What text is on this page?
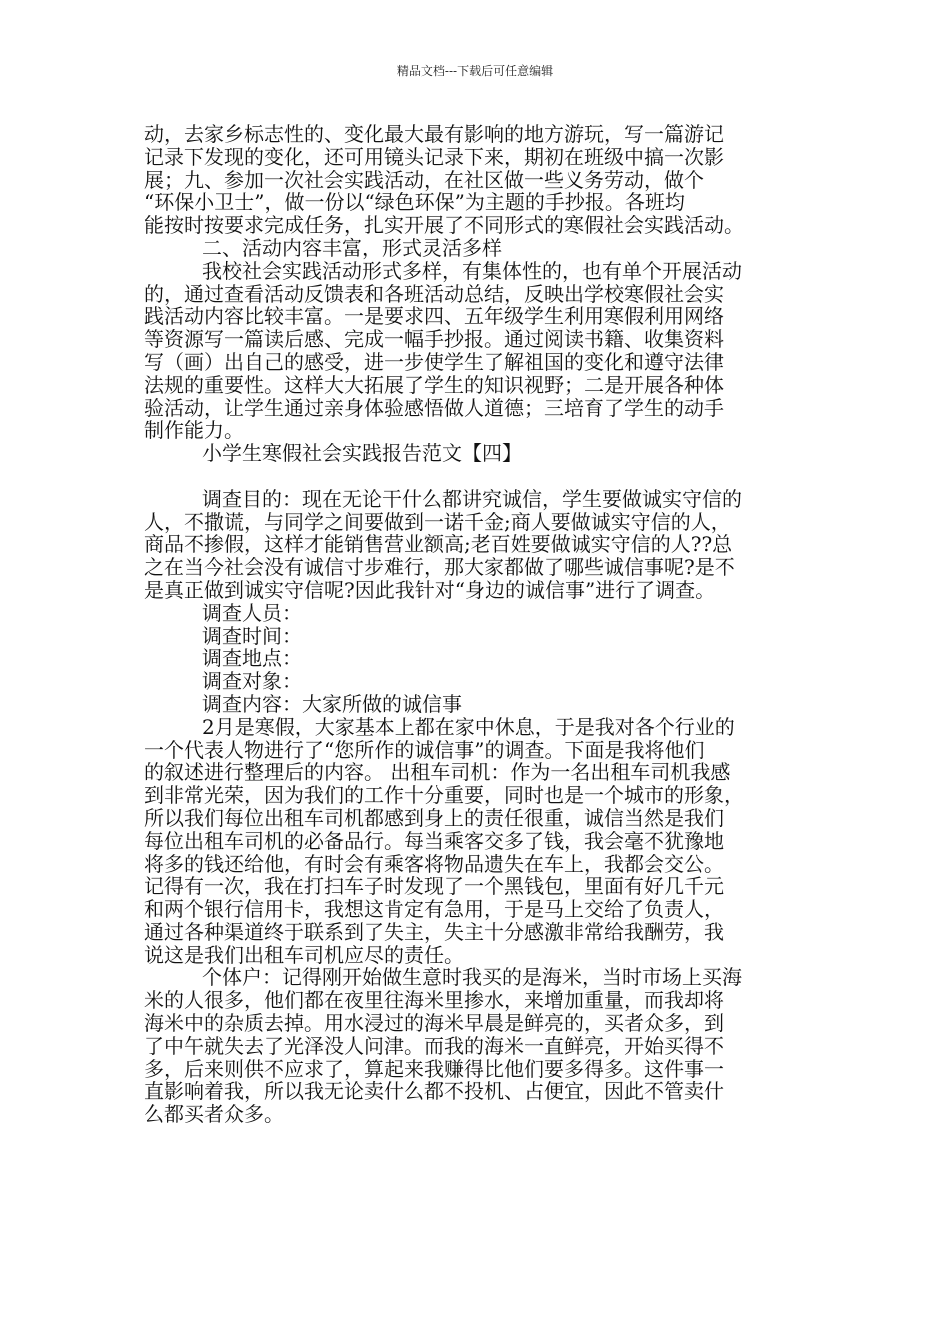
精品文档---下载后可任意编辑
动，去家乡标志性的、变化最大最有影响的地方游玩，写一篇游记
记录下发现的变化，还可用镜头记录下来，期初在班级中搞一次影
展；九、参加一次社会实践活动，在社区做一些义务劳动，做个
“环保小卫士”，做一份以“绿色环保”为主题的手抄报。各班均
能按时按要求完成任务，扎实开展了不同形式的寒假社会实践活动。
二、活动内容丰富，形式灵活多样
我校社会实践活动形式多样，有集体性的，也有单个开展活动
的，通过查看活动反馈表和各班活动总结，反映出学校寒假社会实
践活动内容比较丰富。一是要求四、五年级学生利用寒假利用网络
等资源写一篇读后感、完成一幅手抄报。通过阅读书籍、收集资料
写（画）出自己的感受，进一步使学生了解祖国的变化和遵守法律
法规的重要性。这样大大拓展了学生的知识视野；二是开展各种体
验活动，让学生通过亲身体验感悟做人道德；三培育了学生的动手
制作能力。
小学生寒假社会实践报告范文【四】
调查目的：现在无论干什么都讲究诚信，学生要做诚实守信的
人，不撒谎，与同学之间要做到一诺千金;商人要做诚实守信的人，
商品不掺假，这样才能销售营业额高;老百姓要做诚实守信的人??总
之在当今社会没有诚信寸步难行，那大家都做了哪些诚信事呢?是不
是真正做到诚实守信呢?因此我针对“身边的诚信事”进行了调查。
调查人员：
调查时间：
调查地点：
调查对象：
调查内容：大家所做的诚信事
2月是寒假，大家基本上都在家中休息，于是我对各个行业的
一个代表人物进行了“您所作的诚信事”的调查。下面是我将他们
的叙述进行整理后的内容。 出租车司机：作为一名出租车司机我感
到非常光荣，因为我们的工作十分重要，同时也是一个城市的形象，
所以我们每位出租车司机都感到身上的责任很重，诚信当然是我们
每位出租车司机的必备品行。每当乘客交多了钱，我会毫不犹豫地
将多的钱还给他，有时会有乘客将物品遗失在车上，我都会交公。
记得有一次，我在打扫车子时发现了一个黑钱包，里面有好几千元
和两个银行信用卡，我想这肯定有急用，于是马上交给了负责人，
通过各种渠道终于联系到了失主，失主十分感激非常给我酬劳，我
说这是我们出租车司机应尽的责任。
个体户：记得刚开始做生意时我买的是海米，当时市场上买海
米的人很多，他们都在夜里往海米里掺水，来增加重量，而我却将
海米中的杂质去掉。用水浸过的海米早晨是鲜亮的，买者众多，到
了中午就失去了光泽没人问津。而我的海米一直鲜亮，开始买得不
多，后来则供不应求了，算起来我赚得比他们要多得多。这件事一
直影响着我，所以我无论卖什么都不投机、占便宜，因此不管卖什
么都买者众多。
